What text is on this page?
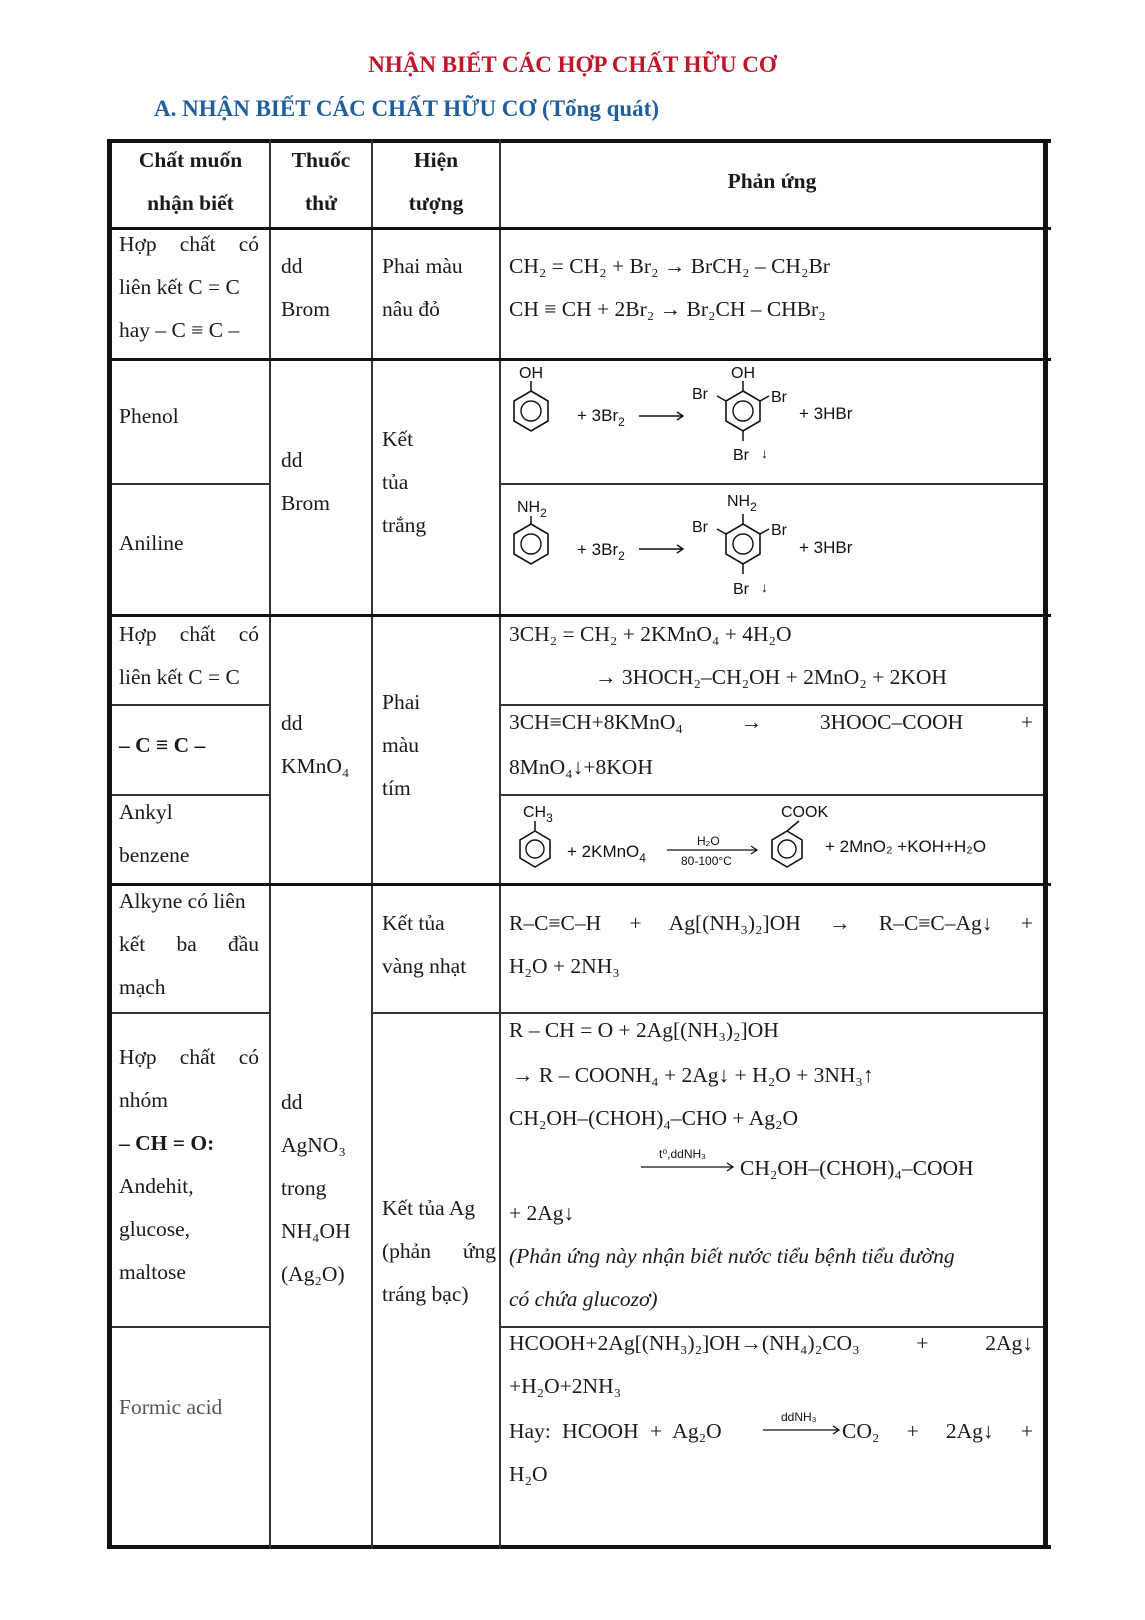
NHẬN BIẾT CÁC HỢP CHẤT HỮU CƠ
A. NHẬN BIẾT CÁC CHẤT HỮU CƠ (Tổng quát)
Chất muốn
nhận biết
Thuốc
thử
Hiện
tượng
Phản ứng
Hợp chất có
liên kết C = C
hay – C ≡ C –
dd
Brom
Phai màu
nâu đỏ
CH₂ = CH₂ + Br₂ → BrCH₂ – CH₂Br
CH ≡ CH + 2Br₂ → Br₂CH – CHBr₂
Phenol
Aniline
dd
Brom
Kết
tủa
trắng
OH
+ $3Br_2$
OH
Br	Br
Br ↓
+ 3HBr
$NH_2$
+ $3Br_2$
$NH_2$
Br	Br
Br ↓
+ 3HBr
Hợp chất có
liên kết C = C
– C ≡ C –
Ankyl
benzene
dd
KMnO₄
Phai
màu
tím
3CH₂ = CH₂ + 2KMnO₄ + 4H₂O
→ 3HOCH₂–CH₂OH + 2MnO₂ + 2KOH
3CH≡CH+8KMnO₄ → 3HOOC–COOH +
8MnO₄↓+8KOH
$CH_3$
+ 2KMnO$_4$
H₂O
80-100°C
COOK
+ 2MnO₂ +KOH+H₂O
Alkyne có liên
kết ba đầu
mạch
Kết tủa
vàng nhạt
R–C≡C–H + Ag[(NH₃)₂]OH → R–C≡C–Ag↓ +
H₂O + 2NH₃
Hợp chất có
nhóm
– CH = O:
Andehit,
glucose,
maltose
dd
AgNO₃
trong
NH₄OH
(Ag₂O)
Kết tủa Ag
(phản ứng
tráng bạc)
R – CH = O + 2Ag[(NH₃)₂]OH
→ R – COONH₄ + 2Ag↓ + H₂O + 3NH₃↑
CH₂OH–(CHOH)₄–CHO + Ag₂O
t⁰,ddNH₃
CH₂OH–(CHOH)₄–COOH
+ 2Ag↓
(Phản ứng này nhận biết nước tiểu bệnh tiểu đường
có chứa glucozơ)
Formic acid
HCOOH+2Ag[(NH₃)₂]OH→(NH₄)₂CO₃ + 2Ag↓
+H₂O+2NH₃
Hay: HCOOH + Ag₂O
ddNH₃
CO₂ + 2Ag↓ +
H₂O
